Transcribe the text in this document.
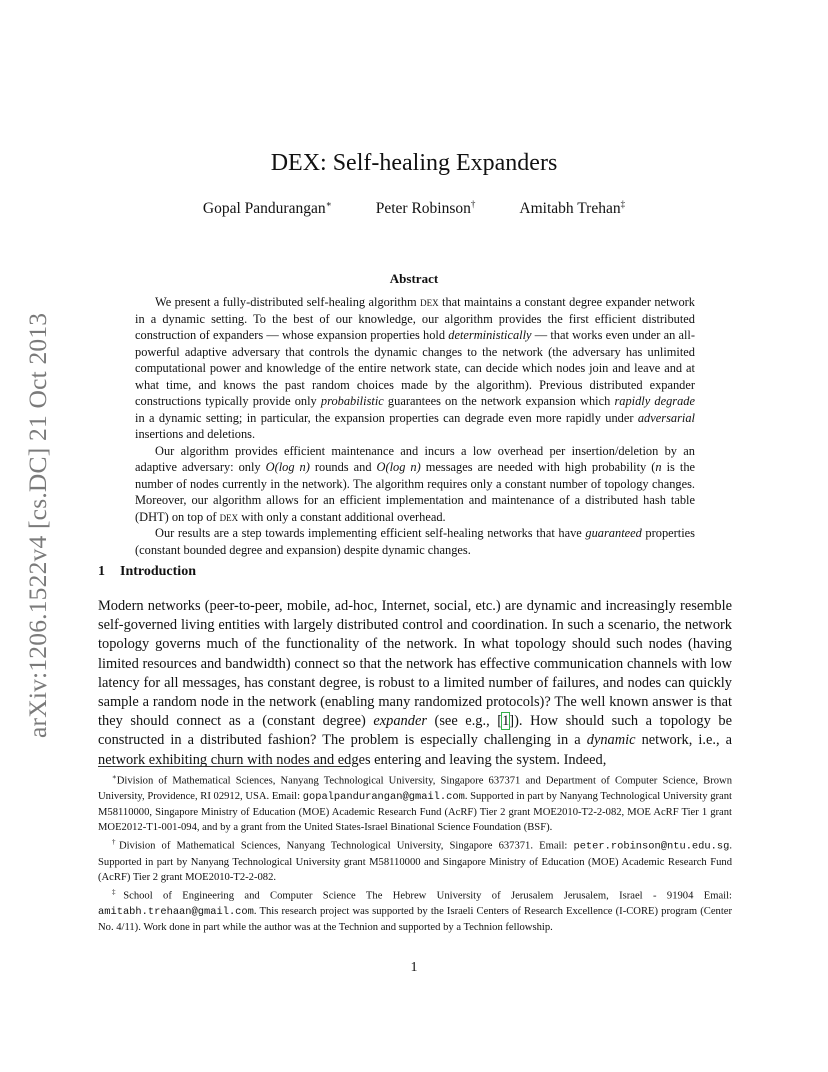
arXiv:1206.1522v4 [cs.DC] 21 Oct 2013
DEX: Self-healing Expanders
Gopal Pandurangan∗	Peter Robinson†	Amitabh Trehan‡
Abstract

We present a fully-distributed self-healing algorithm dex that maintains a constant degree expander network in a dynamic setting. To the best of our knowledge, our algorithm provides the first efficient distributed construction of expanders — whose expansion properties hold deterministically — that works even under an all-powerful adaptive adversary that controls the dynamic changes to the network (the adversary has unlimited computational power and knowledge of the entire network state, can decide which nodes join and leave and at what time, and knows the past random choices made by the algorithm). Previous distributed expander constructions typically provide only probabilistic guarantees on the network expansion which rapidly degrade in a dynamic setting; in particular, the expansion properties can degrade even more rapidly under adversarial insertions and deletions.

Our algorithm provides efficient maintenance and incurs a low overhead per insertion/deletion by an adaptive adversary: only O(log n) rounds and O(log n) messages are needed with high probability (n is the number of nodes currently in the network). The algorithm requires only a constant number of topology changes. Moreover, our algorithm allows for an efficient implementation and maintenance of a distributed hash table (DHT) on top of dex with only a constant additional overhead.

Our results are a step towards implementing efficient self-healing networks that have guaranteed properties (constant bounded degree and expansion) despite dynamic changes.

1 Introduction

Modern networks (peer-to-peer, mobile, ad-hoc, Internet, social, etc.) are dynamic and increasingly resemble self-governed living entities with largely distributed control and coordination. In such a scenario, the network topology governs much of the functionality of the network. In what topology should such nodes (having limited resources and bandwidth) connect so that the network has effective communication channels with low latency for all messages, has constant degree, is robust to a limited number of failures, and nodes can quickly sample a random node in the network (enabling many randomized protocols)? The well known answer is that they should connect as a (constant degree) expander (see e.g., [1]). How should such a topology be constructed in a distributed fashion? The problem is especially challenging in a dynamic network, i.e., a network exhibiting churn with nodes and edges entering and leaving the system. Indeed,

∗Division of Mathematical Sciences, Nanyang Technological University, Singapore 637371 and Department of Computer Science, Brown University, Providence, RI 02912, USA. Email: gopalpandurangan@gmail.com. Supported in part by Nanyang Technological University grant M58110000, Singapore Ministry of Education (MOE) Academic Research Fund (AcRF) Tier 2 grant MOE2010-T2-2-082, MOE AcRF Tier 1 grant MOE2012-T1-001-094, and by a grant from the United States-Israel Binational Science Foundation (BSF).

†Division of Mathematical Sciences, Nanyang Technological University, Singapore 637371. Email: peter.robinson@ntu.edu.sg. Supported in part by Nanyang Technological University grant M58110000 and Singapore Ministry of Education (MOE) Academic Research Fund (AcRF) Tier 2 grant MOE2010-T2-2-082.

‡School of Engineering and Computer Science The Hebrew University of Jerusalem Jerusalem, Israel - 91904 Email: amitabh.trehaan@gmail.com. This research project was supported by the Israeli Centers of Research Excellence (I-CORE) program (Center No. 4/11). Work done in part while the author was at the Technion and supported by a Technion fellowship.

1
